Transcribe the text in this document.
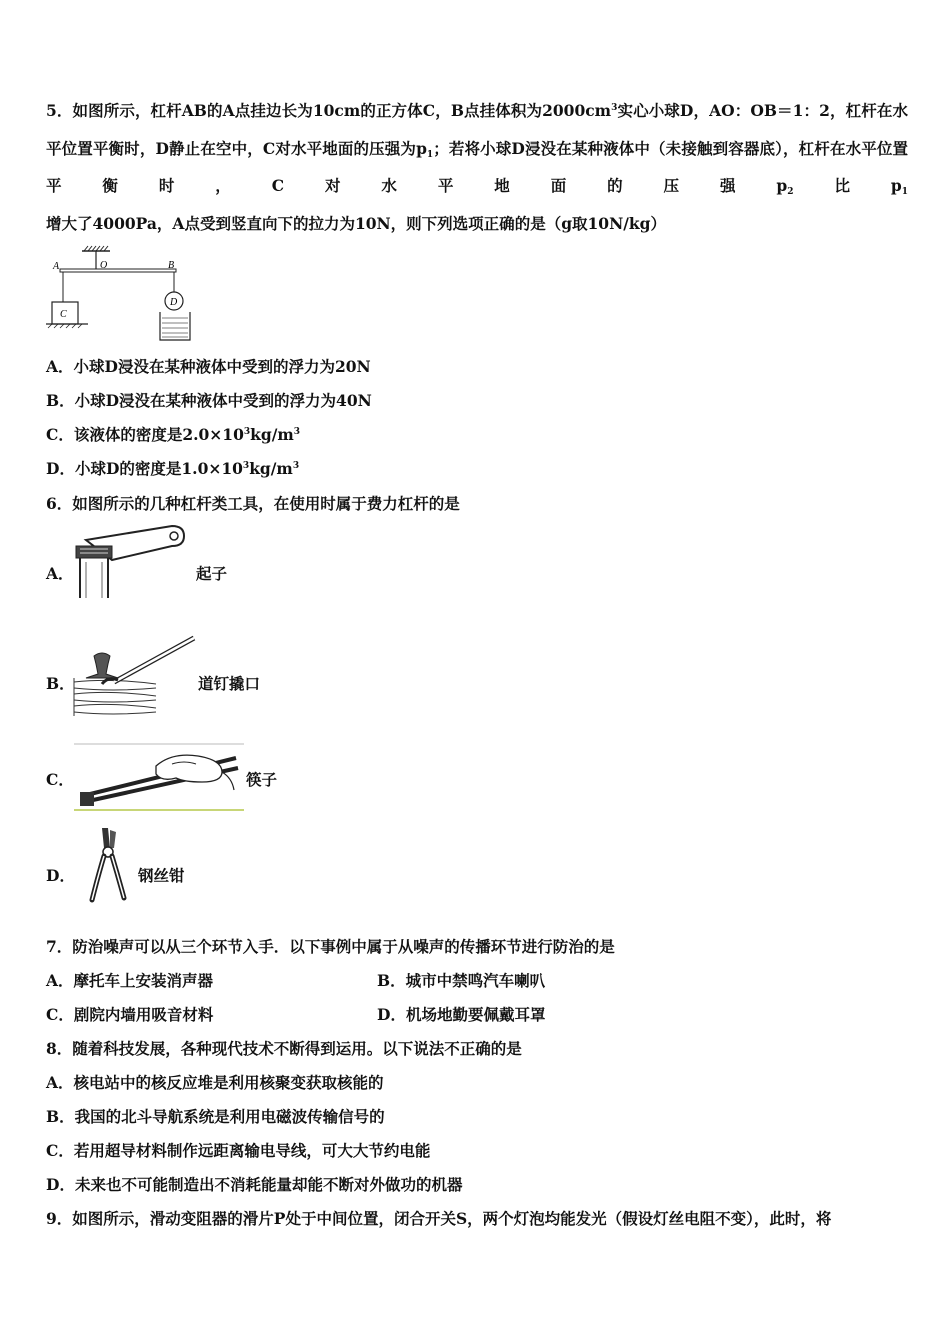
5．如图所示，杠杆AB的A点挂边长为10cm的正方体C，B点挂体积为$2000cm^3$实心小球D，AO：OB＝1：2，杠杆在水平位置平衡时，D静止在空中，C对水平地面的压强为$p_1$；若将小球D浸没在某种液体中（未接触到容器底），杠杆在水平位置平衡时，C对水平地面的压强$p_2$比$p_1$增大了4000Pa，A点受到竖直向下的拉力为10N，则下列选项正确的是（g取10N/kg）
A	O	B
C
D
A．小球D浸没在某种液体中受到的浮力为20N
B．小球D浸没在某种液体中受到的浮力为40N
C．该液体的密度是$2.0\times 10^3kg/m^3$
D．小球D的密度是$1.0\times 10^3kg/m^3$
6．如图所示的几种杠杆类工具，在使用时属于费力杠杆的是
A．	起子
B．	道钉撬口
C．	筷子
D．	钢丝钳
7．防治噪声可以从三个环节入手．以下事例中属于从噪声的传播环节进行防治的是
A．摩托车上安装消声器	B．城市中禁鸣汽车喇叭
C．剧院内墙用吸音材料	D．机场地勤要佩戴耳罩
8．随着科技发展，各种现代技术不断得到运用。以下说法不正确的是
A．核电站中的核反应堆是利用核聚变获取核能的
B．我国的北斗导航系统是利用电磁波传输信号的
C．若用超导材料制作远距离输电导线，可大大节约电能
D．未来也不可能制造出不消耗能量却能不断对外做功的机器
9．如图所示，滑动变阻器的滑片P处于中间位置，闭合开关S，两个灯泡均能发光（假设灯丝电阻不变），此时，将
